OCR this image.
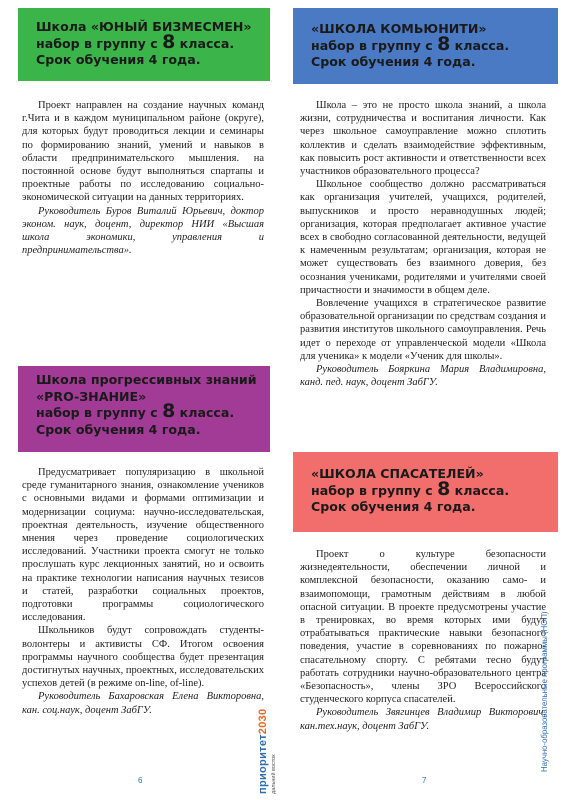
Школа «ЮНЫЙ БИЗМЕСМЕН»
набор в группу с 8 класса.
Срок обучения 4 года.

Проект направлен на создание научных команд г.Чита и в каждом муниципальном районе (округе), для которых будут проводиться лекции и семинары по формированию знаний, умений и навыков в области предпринимательского мышления. на постоянной основе будут выполняться спартапы и проектные работы по исследованию социально-экономической ситуации на данных территориях.

Руководитель Буров Виталий Юрьевич, доктор эконом. наук, доцент, директор НИИ «Высшая школа экономики, управления и предпринимательства».

«ШКОЛА КОМЬЮНИТИ»
набор в группу с 8 класса.
Срок обучения 4 года.

Школа – это не просто школа знаний, а школа жизни, сотрудничества и воспитания личности. Как через школьное самоуправление можно сплотить коллектив и сделать взаимодействие эффективным, как повысить рост активности и ответственности всех участников образовательного процесса?

Школьное сообщество должно рассматриваться как организация учителей, учащихся, родителей, выпускников и просто неравнодушных людей; организация, которая предполагает активное участие всех в свободно согласованной деятельности, ведущей к намеченным результатам; организация, которая не может существовать без взаимного доверия, без осознания учениками, родителями и учителями своей причастности и значимости в общем деле.

Вовлечение учащихся в стратегическое развитие образовательной организации по средствам создания и развития институтов школьного самоуправления. Речь идет о переходе от управленческой модели «Школа для ученика» к модели «Ученик для школы».

Руководитель Бояркина Мария Владимировна, канд. пед. наук, доцент ЗабГУ.

Школа прогрессивных знаний
«PRO-ЗНАНИЕ»
набор в группу с 8 класса.
Срок обучения 4 года.

Предусматривает популяризацию в школьной среде гуманитарного знания, ознакомление учеников с основными видами и формами оптимизации и модернизации социума: научно-исследовательская, проектная деятельность, изучение общественного мнения через проведение социологических исследований. Участники проекта смогут не только прослушать курс лекционных занятий, но и освоить на практике технологии написания научных тезисов и статей, разработки социальных проектов, подготовки программы социологического исследования.

Школьников будут сопровождать студенты-волонтеры и активисты СФ. Итогом освоения программы научного сообщества будет презентация достигнутых научных, проектных, исследовательских успехов детей (в режиме on-line, of-line).

Руководитель Бахаровская Елена Викторовна, кан. соц.наук, доцент ЗабГУ.

«ШКОЛА СПАСАТЕЛЕЙ»
набор в группу с 8 класса.
Срок обучения 4 года.

Проект о культуре безопасности жизнедеятельности, обеспечении личной и комплексной безопасности, оказанию само- и взаимопомощи, грамотным действиям в любой опасной ситуации. В проекте предусмотрены участие в тренировках, во время которых ими будут отрабатываться практические навыки безопасного поведения, участие в соревнованиях по пожарно- спасательному спорту. С ребятами тесно будут работать сотрудники научно-образовательного центра «Безопасность», члены ЗРО Всероссийского студенческого корпуса спасателей.

Руководитель Звягинцев Владимир Викторович, кан.тех.наук, доцент ЗабГУ.

6	7
приоритет2030
дальний восток
Научно-образовательные программы (НОП)
